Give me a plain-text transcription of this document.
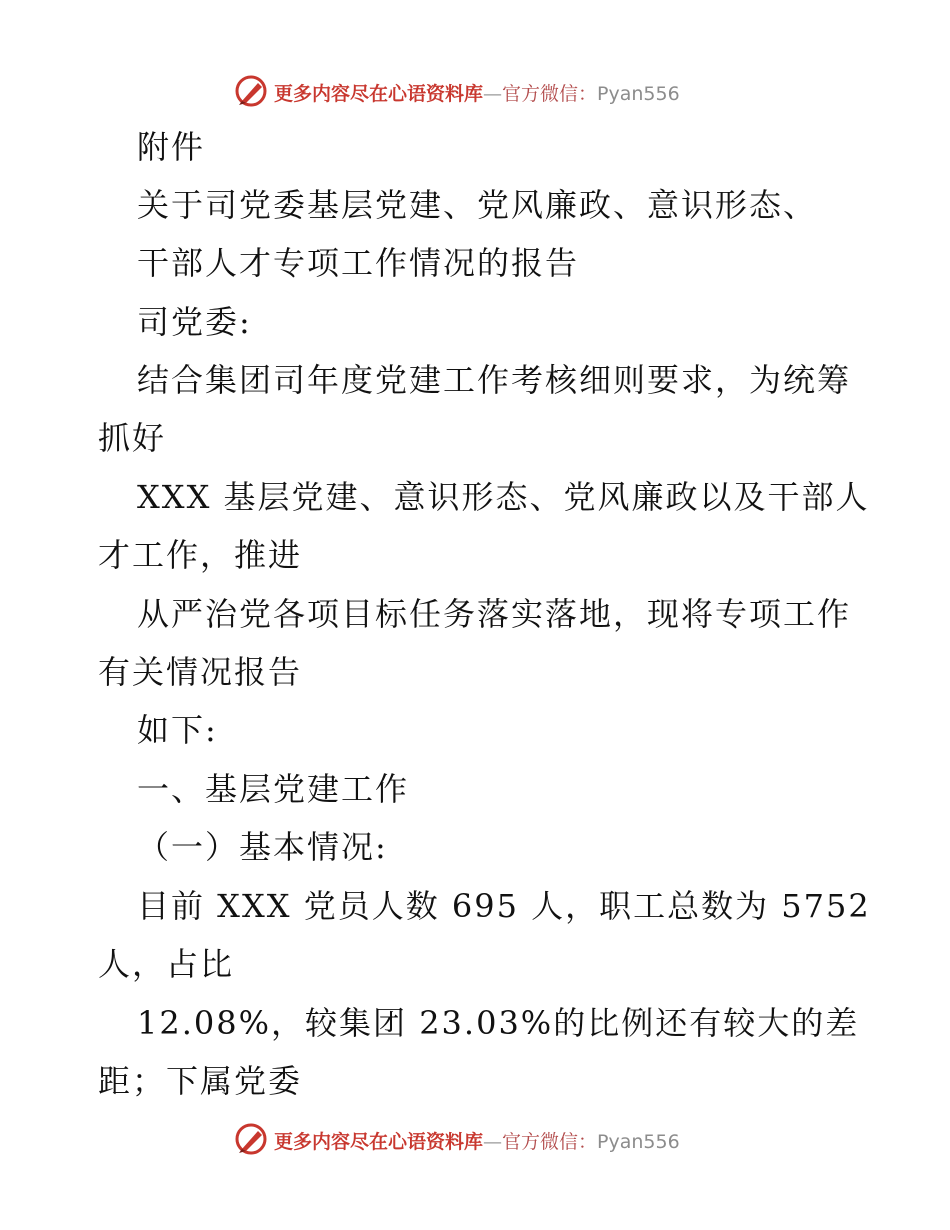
更多内容尽在心语资料库—官方微信：Pyan556
附件
关于司党委基层党建、党风廉政、意识形态、
干部人才专项工作情况的报告
司党委:
结合集团司年度党建工作考核细则要求，为统筹
抓好
XXX 基层党建、意识形态、党风廉政以及干部人
才工作，推进
从严治党各项目标任务落实落地，现将专项工作
有关情况报告
如下:
一、基层党建工作
（一）基本情况:
目前 XXX 党员人数 695 人，职工总数为 5752
人，占比
12.08%，较集团 23.03%的比例还有较大的差
距；下属党委
更多内容尽在心语资料库—官方微信：Pyan556
